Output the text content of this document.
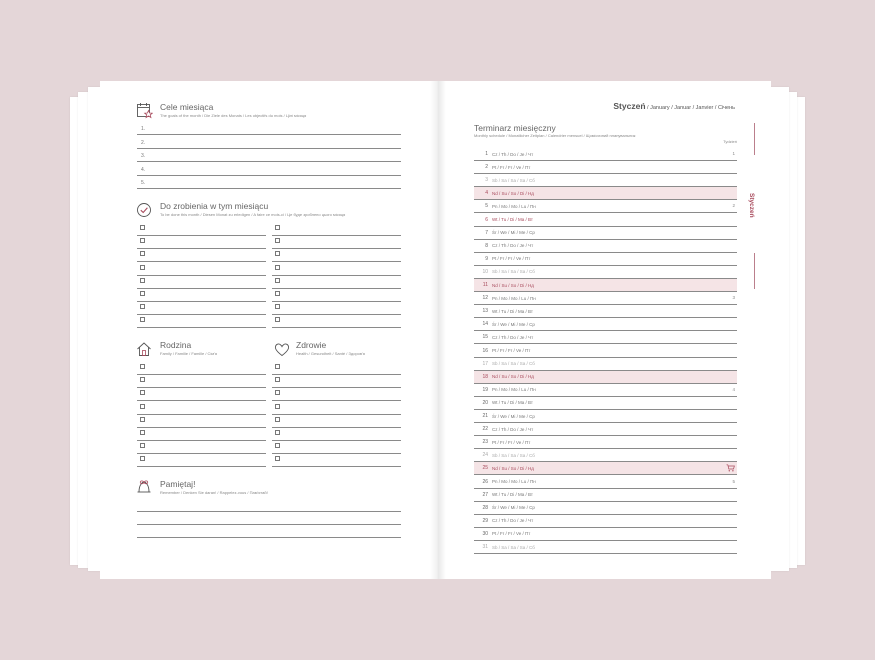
Cele miesiąca
The goals of the month / Die Ziele des Monats / Les objectifs du mois / Цілі місяця
1.
2.
3.
4.
5.
Do zrobienia w tym miesiącu
To be done this month / Diesen Monat zu erledigen / A faire ce mois-ci / Це буде зроблено цього місяця
Rodzina
Family / Familie / Famille / Сім'я
Zdrowie
Health / Gesundheit / Santé / Здоров'я
Pamiętaj!
Remember / Denken Sie daran! / Rappelez-vous / Пам'ятай!
Styczeń / January / Januar / Janvier / Січень
Terminarz miesięczny
Monthly schedule / Monatlicher Zeitplan / Calendrier mensuel / Щомісячний планувальник
Tydzień
1 Cz / Th / Do / Je / Чт	1
2 Pt / Fr / Fr / Ve / Пт
3 Sb / Sa / Sa / Sa / Сб
4 Nd / Su / So / Di / Нд
5 Pn / Mo / Mo / Lu / Пн	2
6 Wt / Tu / Di / Ma / Вт
7 Śr / We / Mi / Me / Ср
8 Cz / Th / Do / Je / Чт
9 Pt / Fr / Fr / Ve / Пт
10 Sb / Sa / Sa / Sa / Сб
11 Nd / Su / So / Di / Нд
12 Pn / Mo / Mo / Lu / Пн	3
13 Wt / Tu / Di / Ma / Вт
14 Śr / We / Mi / Me / Ср
15 Cz / Th / Do / Je / Чт
16 Pt / Fr / Fr / Ve / Пт
17 Sb / Sa / Sa / Sa / Сб
18 Nd / Su / So / Di / Нд
19 Pn / Mo / Mo / Lu / Пн	4
20 Wt / Tu / Di / Ma / Вт
21 Śr / We / Mi / Me / Ср
22 Cz / Th / Do / Je / Чт
23 Pt / Fr / Fr / Ve / Пт
24 Sb / Sa / Sa / Sa / Сб
25 Nd / Su / So / Di / Нд
26 Pn / Mo / Mo / Lu / Пн	5
27 Wt / Tu / Di / Ma / Вт
28 Śr / We / Mi / Me / Ср
29 Cz / Th / Do / Je / Чт
30 Pt / Fr / Fr / Ve / Пт
31 Sb / Sa / Sa / Sa / Сб
Styczeń
